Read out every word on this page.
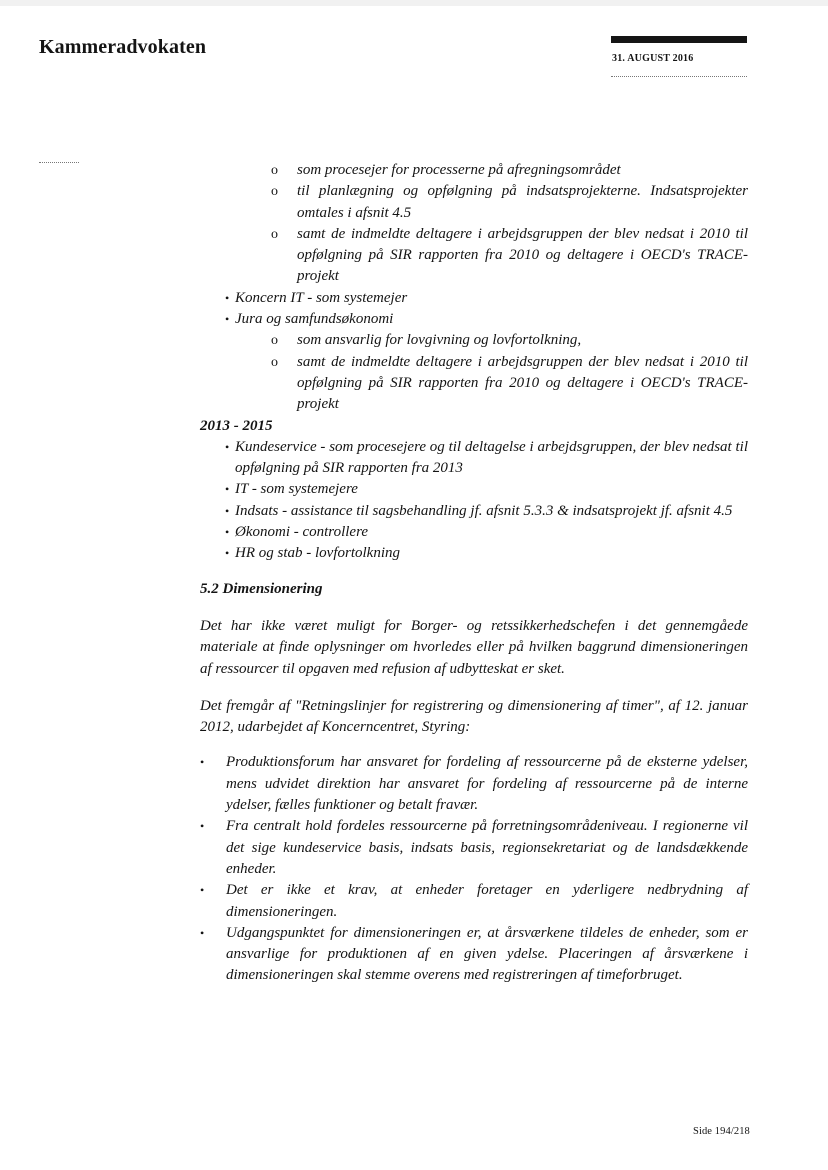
Kammeradvokaten
31. AUGUST 2016
o som procesejer for processerne på afregningsområdet
o til planlægning og opfølgning på indsatsprojekterne. Indsatsprojekter omtales i afsnit 4.5
o samt de indmeldte deltagere i arbejdsgruppen der blev nedsat i 2010 til opfølgning på SIR rapporten fra 2010 og deltagere i OECD's TRACE-projekt
• Koncern IT - som systemejer
• Jura og samfundsøkonomi
o som ansvarlig for lovgivning og lovfortolkning,
o samt de indmeldte deltagere i arbejdsgruppen der blev nedsat i 2010 til opfølgning på SIR rapporten fra 2010 og deltagere i OECD's TRACE-projekt
2013 - 2015
• Kundeservice - som procesejere og til deltagelse i arbejdsgruppen, der blev nedsat til opfølgning på SIR rapporten fra 2013
• IT - som systemejere
• Indsats - assistance til sagsbehandling jf. afsnit 5.3.3 & indsatsprojekt jf. afsnit 4.5
• Økonomi - controllere
• HR og stab - lovfortolkning
5.2 Dimensionering
Det har ikke været muligt for Borger- og retssikkerhedschefen i det gennemgåede materiale at finde oplysninger om hvorledes eller på hvilken baggrund dimensioneringen af ressourcer til opgaven med refusion af udbytteskat er sket.
Det fremgår af "Retningslinjer for registrering og dimensionering af timer", af 12. januar 2012, udarbejdet af Koncerncentret, Styring:
• Produktionsforum har ansvaret for fordeling af ressourcerne på de eksterne ydelser, mens udvidet direktion har ansvaret for fordeling af ressourcerne på de interne ydelser, fælles funktioner og betalt fravær.
• Fra centralt hold fordeles ressourcerne på forretningsområdeniveau. I regionerne vil det sige kundeservice basis, indsats basis, regionsekretariat og de landsdækkende enheder.
• Det er ikke et krav, at enheder foretager en yderligere nedbrydning af dimensioneringen.
• Udgangspunktet for dimensioneringen er, at årsværkene tildeles de enheder, som er ansvarlige for produktionen af en given ydelse. Placeringen af årsværkene i dimensioneringen skal stemme overens med registreringen af timeforbruget.
Side 194/218
